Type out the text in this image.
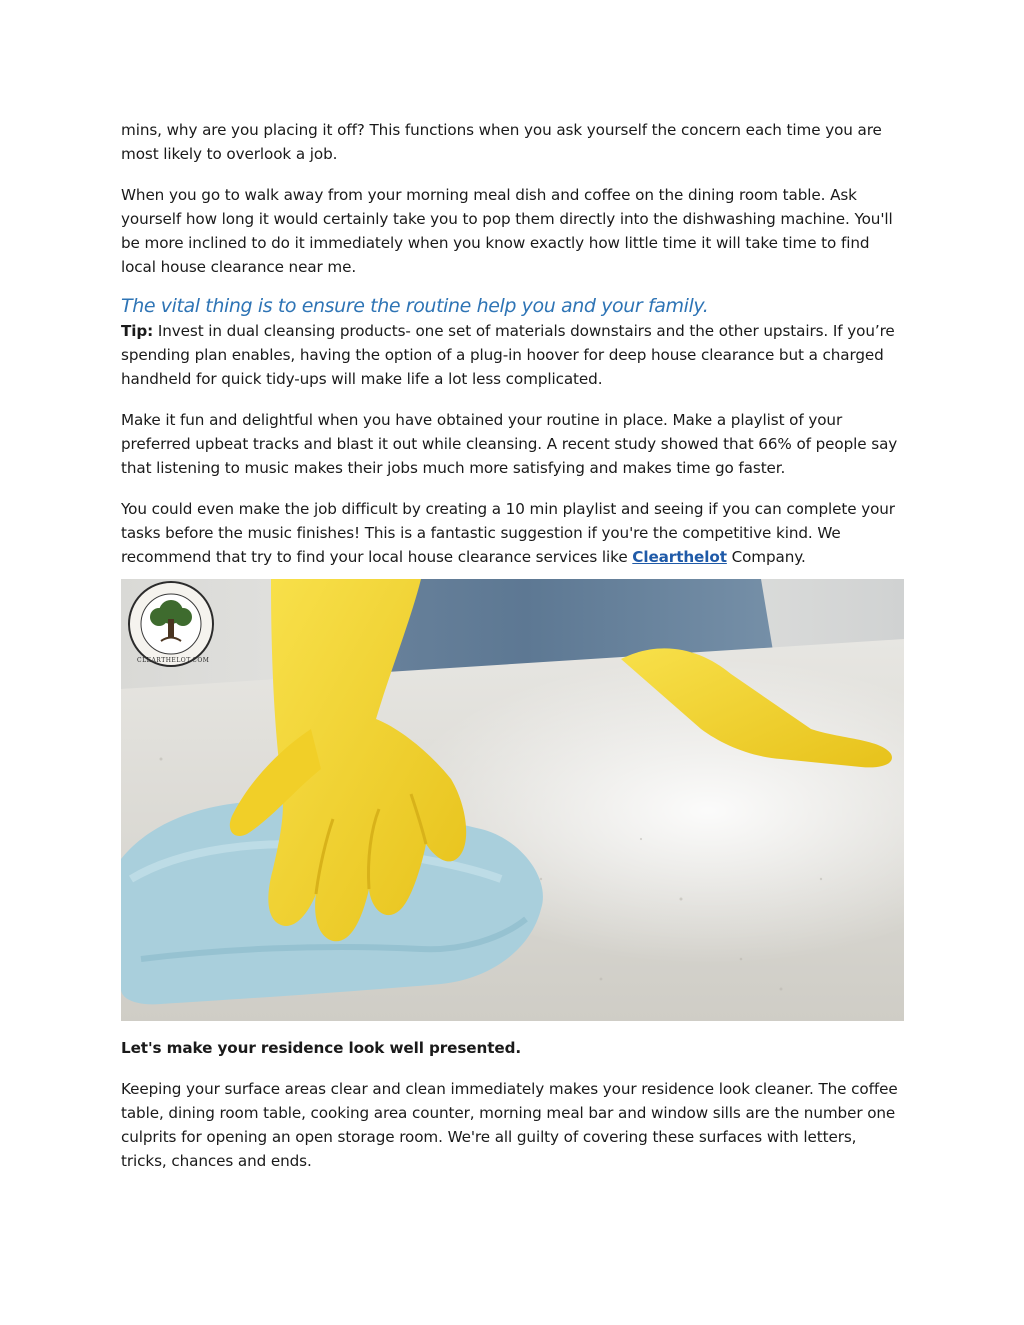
mins, why are you placing it off? This functions when you ask yourself the concern each time you are most likely to overlook a job.

When you go to walk away from your morning meal dish and coffee on the dining room table. Ask yourself how long it would certainly take you to pop them directly into the dishwashing machine. You'll be more inclined to do it immediately when you know exactly how little time it will take time to find local house clearance near me.

The vital thing is to ensure the routine help you and your family.

Tip: Invest in dual cleansing products- one set of materials downstairs and the other upstairs. If you’re spending plan enables, having the option of a plug-in hoover for deep house clearance but a charged handheld for quick tidy-ups will make life a lot less complicated.

Make it fun and delightful when you have obtained your routine in place. Make a playlist of your preferred upbeat tracks and blast it out while cleansing. A recent study showed that 66% of people say that listening to music makes their jobs much more satisfying and makes time go faster.

You could even make the job difficult by creating a 10 min playlist and seeing if you can complete your tasks before the music finishes! This is a fantastic suggestion if you're the competitive kind. We recommend that try to find your local house clearance services like Clearthelot Company.

CLEARTHELOT.COM

Let's make your residence look well presented.

Keeping your surface areas clear and clean immediately makes your residence look cleaner. The coffee table, dining room table, cooking area counter, morning meal bar and window sills are the number one culprits for opening an open storage room. We're all guilty of covering these surfaces with letters, tricks, chances and ends.
